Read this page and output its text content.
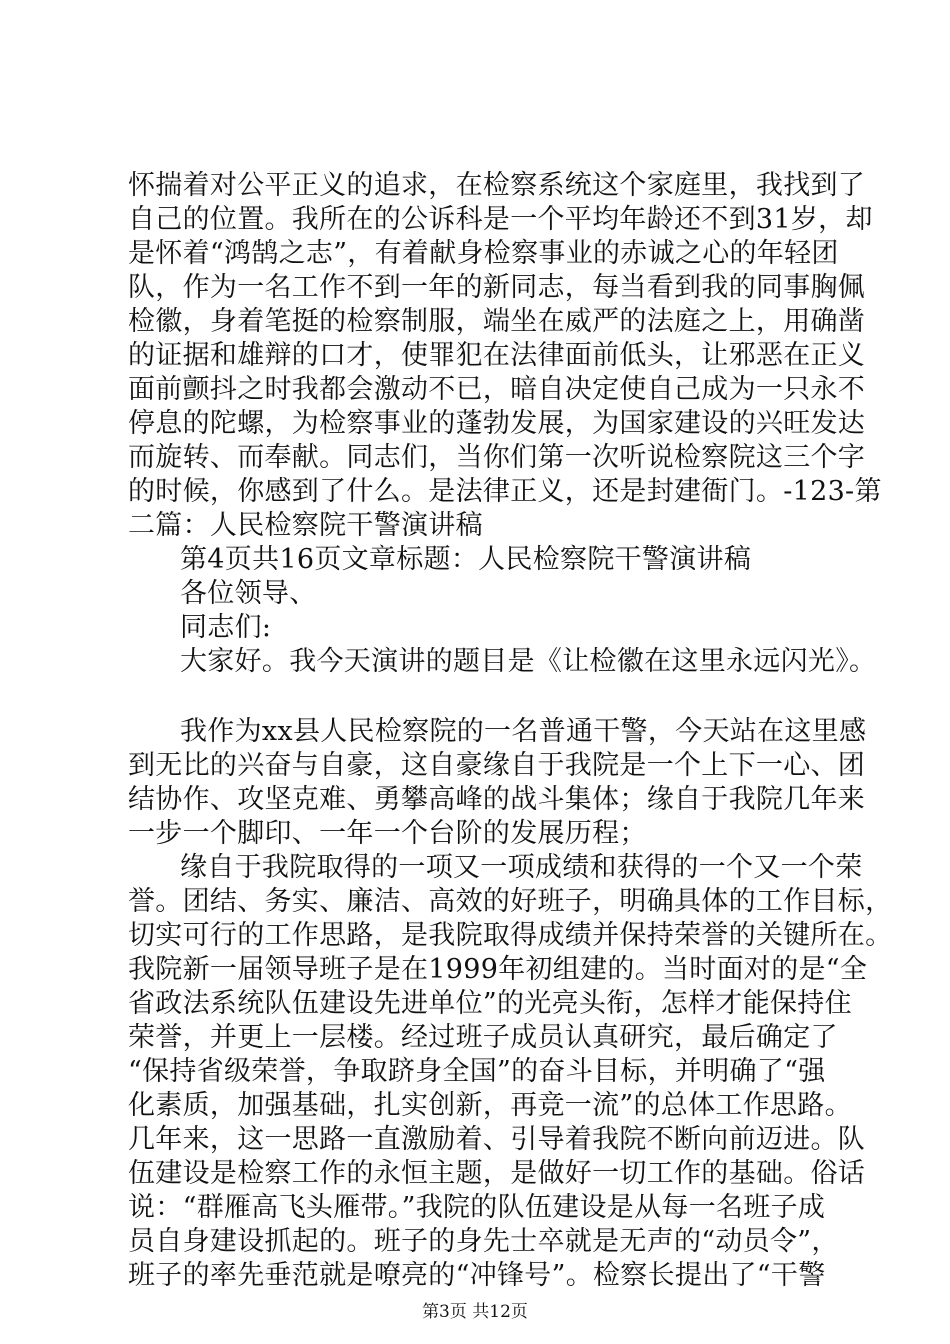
怀揣着对公平正义的追求，在检察系统这个家庭里，我找到了
自己的位置。我所在的公诉科是一个平均年龄还不到31岁，却
是怀着“鸿鹄之志”，有着献身检察事业的赤诚之心的年轻团
队，作为一名工作不到一年的新同志，每当看到我的同事胸佩
检徽，身着笔挺的检察制服，端坐在威严的法庭之上，用确凿
的证据和雄辩的口才，使罪犯在法律面前低头，让邪恶在正义
面前颤抖之时我都会激动不已，暗自决定使自己成为一只永不
停息的陀螺，为检察事业的蓬勃发展，为国家建设的兴旺发达
而旋转、而奉献。同志们，当你们第一次听说检察院这三个字
的时候，你感到了什么。是法律正义，还是封建衙门。-123-第
二篇：人民检察院干警演讲稿
第4页共16页文章标题：人民检察院干警演讲稿
各位领导、
同志们:
大家好。我今天演讲的题目是《让检徽在这里永远闪光》。
我作为xx县人民检察院的一名普通干警，今天站在这里感
到无比的兴奋与自豪，这自豪缘自于我院是一个上下一心、团
结协作、攻坚克难、勇攀高峰的战斗集体；缘自于我院几年来
一步一个脚印、一年一个台阶的发展历程；
缘自于我院取得的一项又一项成绩和获得的一个又一个荣
誉。团结、务实、廉洁、高效的好班子，明确具体的工作目标，
切实可行的工作思路，是我院取得成绩并保持荣誉的关键所在。
我院新一届领导班子是在1999年初组建的。当时面对的是“全
省政法系统队伍建设先进单位”的光亮头衔，怎样才能保持住
荣誉，并更上一层楼。经过班子成员认真研究，最后确定了
“保持省级荣誉，争取跻身全国”的奋斗目标，并明确了“强
化素质，加强基础，扎实创新，再竞一流”的总体工作思路。
几年来，这一思路一直激励着、引导着我院不断向前迈进。队
伍建设是检察工作的永恒主题，是做好一切工作的基础。俗话
说：“群雁高飞头雁带。”我院的队伍建设是从每一名班子成
员自身建设抓起的。班子的身先士卒就是无声的“动员令”，
班子的率先垂范就是嘹亮的“冲锋号”。检察长提出了“干警
第3页 共12页
